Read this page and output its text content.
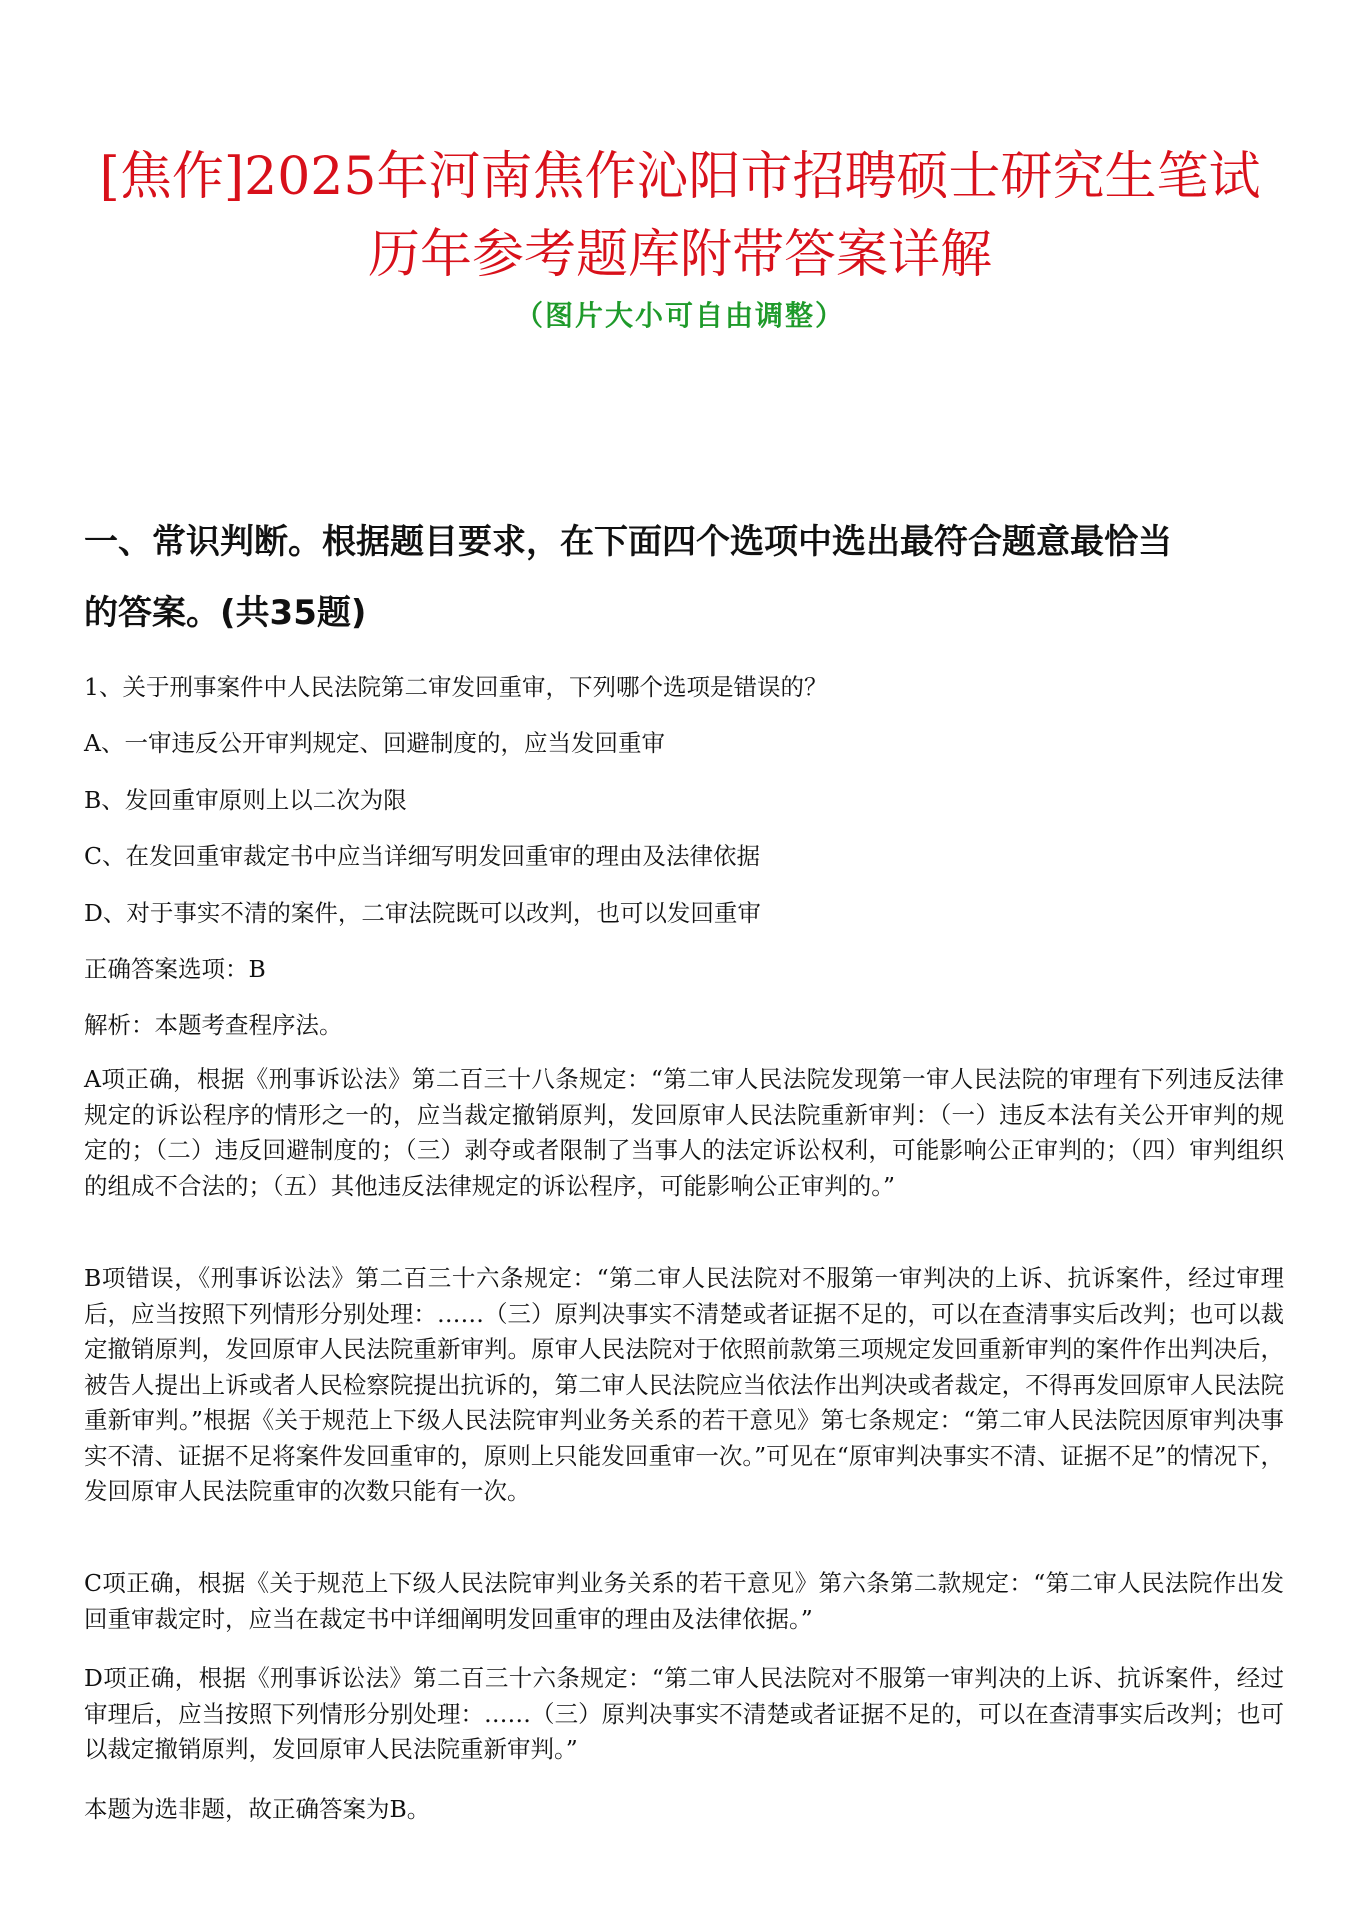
[焦作]2025年河南焦作沁阳市招聘硕士研究生笔试
历年参考题库附带答案详解
（图片大小可自由调整）
一、常识判断。根据题目要求，在下面四个选项中选出最符合题意最恰当
的答案。(共35题)
1、关于刑事案件中人民法院第二审发回重审，下列哪个选项是错误的？
A、一审违反公开审判规定、回避制度的，应当发回重审
B、发回重审原则上以二次为限
C、在发回重审裁定书中应当详细写明发回重审的理由及法律依据
D、对于事实不清的案件，二审法院既可以改判，也可以发回重审
正确答案选项：B
解析：本题考查程序法。
A项正确，根据《刑事诉讼法》第二百三十八条规定：“第二审人民法院发现第一审人民法院的审理有下列违反法律规定的诉讼程序的情形之一的，应当裁定撤销原判，发回原审人民法院重新审判：（一）违反本法有关公开审判的规定的；（二）违反回避制度的；（三）剥夺或者限制了当事人的法定诉讼权利，可能影响公正审判的；（四）审判组织的组成不合法的；（五）其他违反法律规定的诉讼程序，可能影响公正审判的。”
B项错误，《刑事诉讼法》第二百三十六条规定：“第二审人民法院对不服第一审判决的上诉、抗诉案件，经过审理后，应当按照下列情形分别处理：……（三）原判决事实不清楚或者证据不足的，可以在查清事实后改判；也可以裁定撤销原判，发回原审人民法院重新审判。原审人民法院对于依照前款第三项规定发回重新审判的案件作出判决后，被告人提出上诉或者人民检察院提出抗诉的，第二审人民法院应当依法作出判决或者裁定，不得再发回原审人民法院重新审判。”根据《关于规范上下级人民法院审判业务关系的若干意见》第七条规定：“第二审人民法院因原审判决事实不清、证据不足将案件发回重审的，原则上只能发回重审一次。”可见在“原审判决事实不清、证据不足”的情况下，发回原审人民法院重审的次数只能有一次。
C项正确，根据《关于规范上下级人民法院审判业务关系的若干意见》第六条第二款规定：“第二审人民法院作出发回重审裁定时，应当在裁定书中详细阐明发回重审的理由及法律依据。”
D项正确，根据《刑事诉讼法》第二百三十六条规定：“第二审人民法院对不服第一审判决的上诉、抗诉案件，经过审理后，应当按照下列情形分别处理：……（三）原判决事实不清楚或者证据不足的，可以在查清事实后改判；也可以裁定撤销原判，发回原审人民法院重新审判。”
本题为选非题，故正确答案为B。
